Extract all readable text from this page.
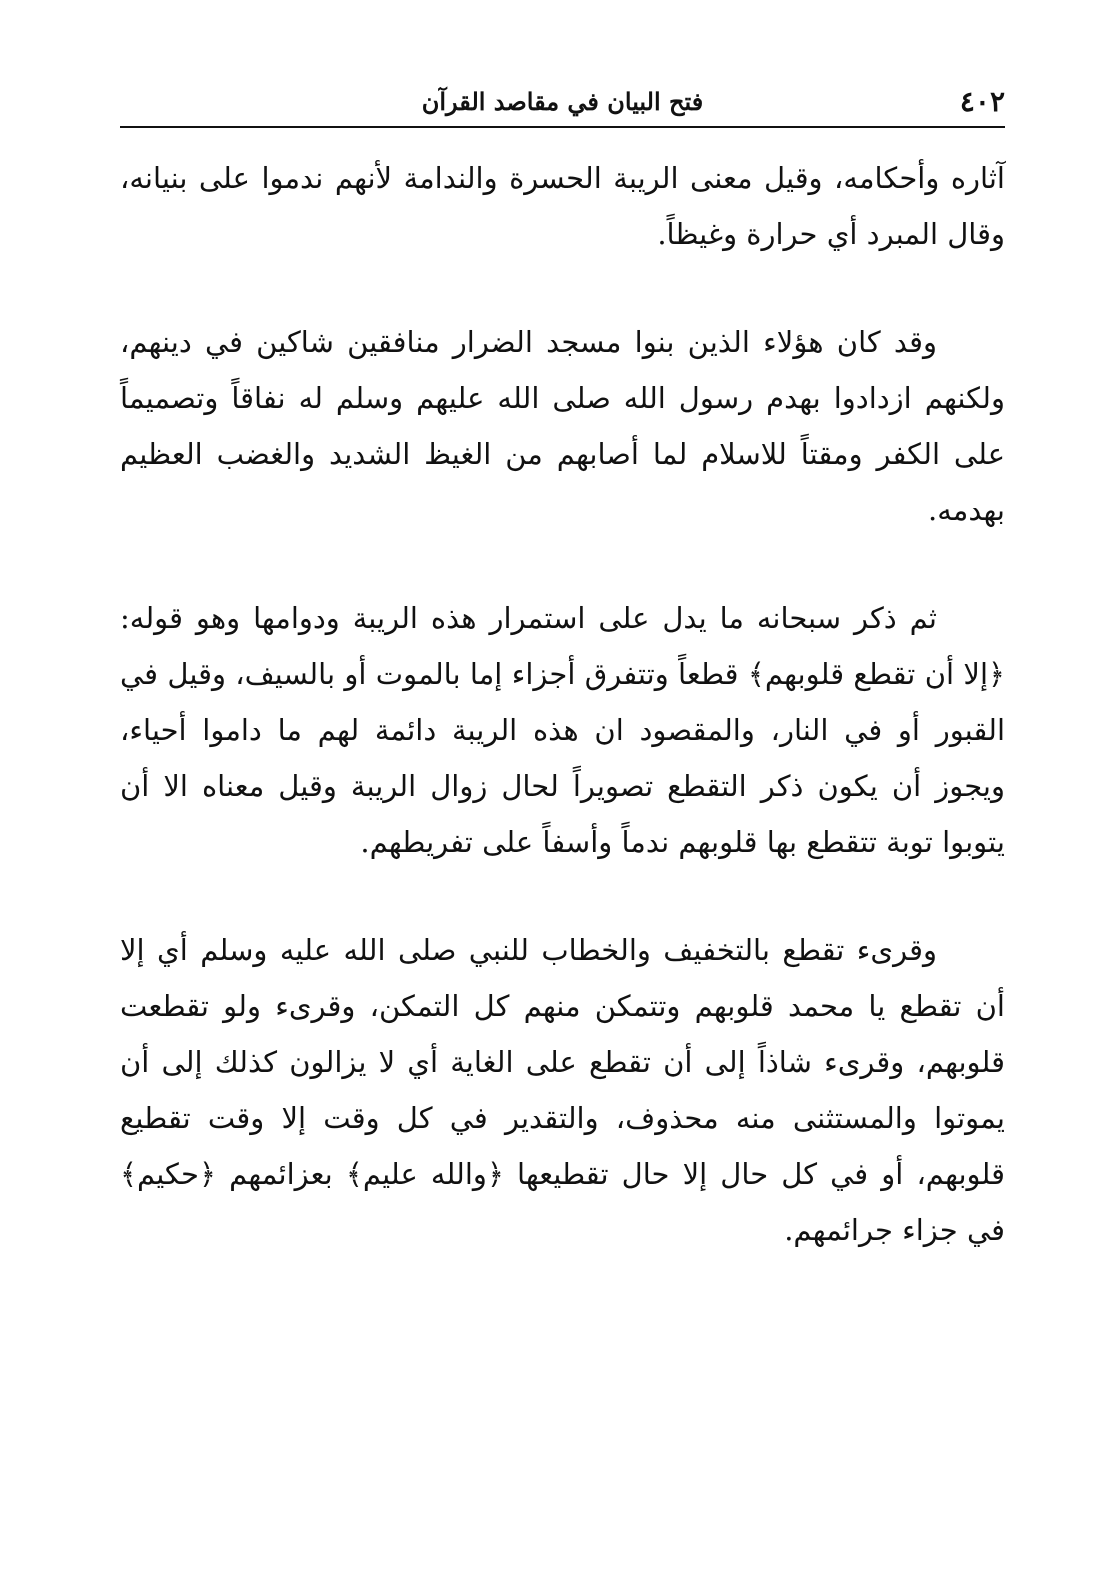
٤٠٢
فتح البيان في مقاصد القرآن

آثاره وأحكامه، وقيل معنى الريبة الحسرة والندامة لأنهم ندموا على بنيانه، وقال المبرد أي حرارة وغيظاً.

وقد كان هؤلاء الذين بنوا مسجد الضرار منافقين شاكين في دينهم، ولكنهم ازدادوا بهدم رسول الله صلى الله عليهم وسلم له نفاقاً وتصميماً على الكفر ومقتاً للاسلام لما أصابهم من الغيظ الشديد والغضب العظيم بهدمه.

ثم ذكر سبحانه ما يدل على استمرار هذه الريبة ودوامها وهو قوله: ﴿إلا أن تقطع قلوبهم﴾ قطعاً وتتفرق أجزاء إما بالموت أو بالسيف، وقيل في القبور أو في النار، والمقصود ان هذه الريبة دائمة لهم ما داموا أحياء، ويجوز أن يكون ذكر التقطع تصويراً لحال زوال الريبة وقيل معناه الا أن يتوبوا توبة تتقطع بها قلوبهم ندماً وأسفاً على تفريطهم.

وقرىء تقطع بالتخفيف والخطاب للنبي صلى الله عليه وسلم أي إلا أن تقطع يا محمد قلوبهم وتتمكن منهم كل التمكن، وقرىء ولو تقطعت قلوبهم، وقرىء شاذاً إلى أن تقطع على الغاية أي لا يزالون كذلك إلى أن يموتوا والمستثنى منه محذوف، والتقدير في كل وقت إلا وقت تقطيع قلوبهم، أو في كل حال إلا حال تقطيعها ﴿والله عليم﴾ بعزائمهم ﴿حكيم﴾ في جزاء جرائمهم.
